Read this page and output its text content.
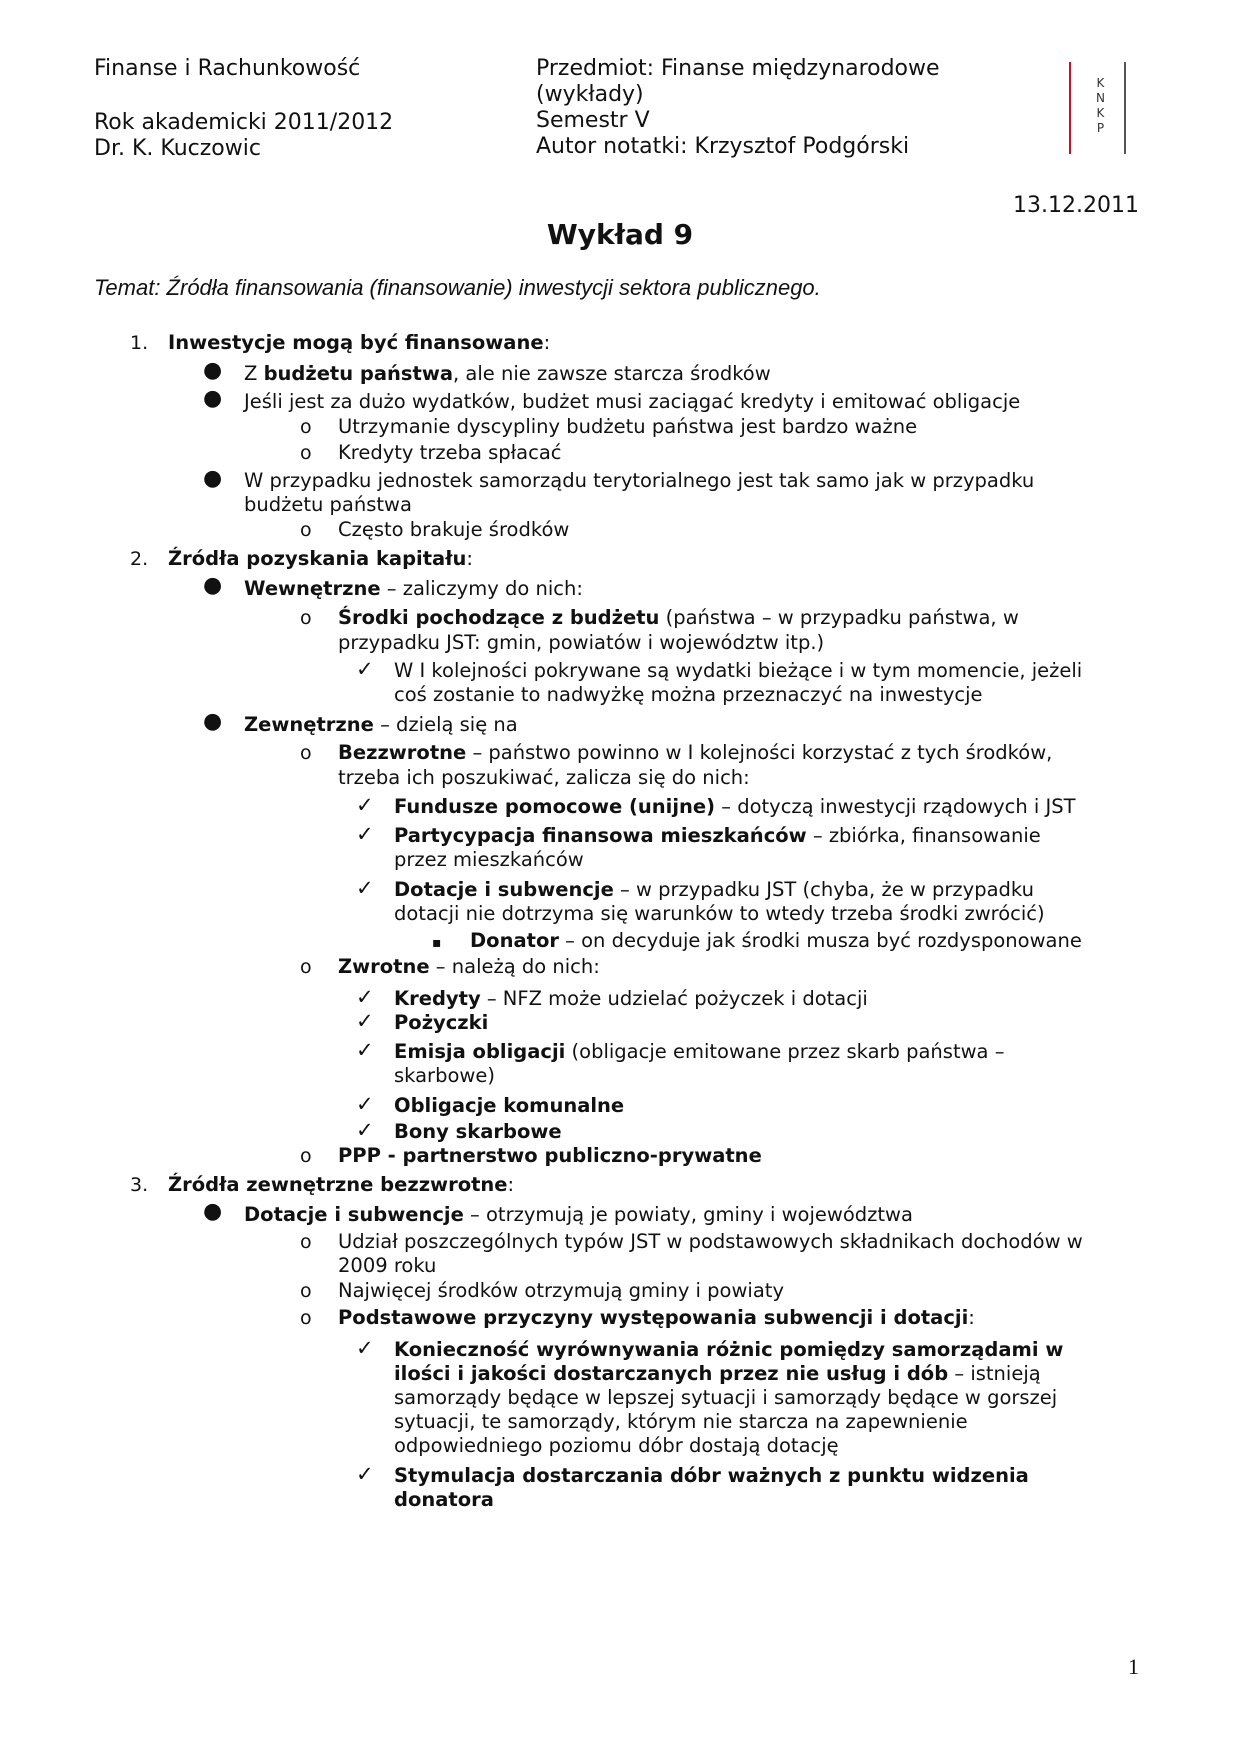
Finanse i Rachunkowość
Rok akademicki 2011/2012
Dr. K. Kuczowic
Przedmiot: Finanse międzynarodowe
(wykłady)
Semestr V
Autor notatki: Krzysztof Podgórski
K
N
K
P
13.12.2011
Wykład 9
Temat: Źródła finansowania (finansowanie) inwestycji sektora publicznego.
1. Inwestycje mogą być finansowane:
● Z budżetu państwa, ale nie zawsze starcza środków
● Jeśli jest za dużo wydatków, budżet musi zaciągać kredyty i emitować obligacje
o Utrzymanie dyscypliny budżetu państwa jest bardzo ważne
o Kredyty trzeba spłacać
● W przypadku jednostek samorządu terytorialnego jest tak samo jak w przypadku
budżetu państwa
o Często brakuje środków
2. Źródła pozyskania kapitału:
● Wewnętrzne – zaliczymy do nich:
o Środki pochodzące z budżetu (państwa – w przypadku państwa, w
przypadku JST: gmin, powiatów i województw itp.)
✓ W I kolejności pokrywane są wydatki bieżące i w tym momencie, jeżeli
coś zostanie to nadwyżkę można przeznaczyć na inwestycje
● Zewnętrzne – dzielą się na
o Bezzwrotne – państwo powinno w I kolejności korzystać z tych środków,
trzeba ich poszukiwać, zalicza się do nich:
✓ Fundusze pomocowe (unijne) – dotyczą inwestycji rządowych i JST
✓ Partycypacja finansowa mieszkańców – zbiórka, finansowanie
przez mieszkańców
✓ Dotacje i subwencje – w przypadku JST (chyba, że w przypadku
dotacji nie dotrzyma się warunków to wtedy trzeba środki zwrócić)
▪ Donator – on decyduje jak środki musza być rozdysponowane
o Zwrotne – należą do nich:
✓ Kredyty – NFZ może udzielać pożyczek i dotacji
✓ Pożyczki
✓ Emisja obligacji (obligacje emitowane przez skarb państwa –
skarbowe)
✓ Obligacje komunalne
✓ Bony skarbowe
o PPP - partnerstwo publiczno-prywatne
3. Źródła zewnętrzne bezzwrotne:
● Dotacje i subwencje – otrzymują je powiaty, gminy i województwa
o Udział poszczególnych typów JST w podstawowych składnikach dochodów w
2009 roku
o Najwięcej środków otrzymują gminy i powiaty
o Podstawowe przyczyny występowania subwencji i dotacji:
✓ Konieczność wyrównywania różnic pomiędzy samorządami w
ilości i jakości dostarczanych przez nie usług i dób – istnieją
samorządy będące w lepszej sytuacji i samorządy będące w gorszej
sytuacji, te samorządy, którym nie starcza na zapewnienie
odpowiedniego poziomu dóbr dostają dotację
✓ Stymulacja dostarczania dóbr ważnych z punktu widzenia
donatora
1
